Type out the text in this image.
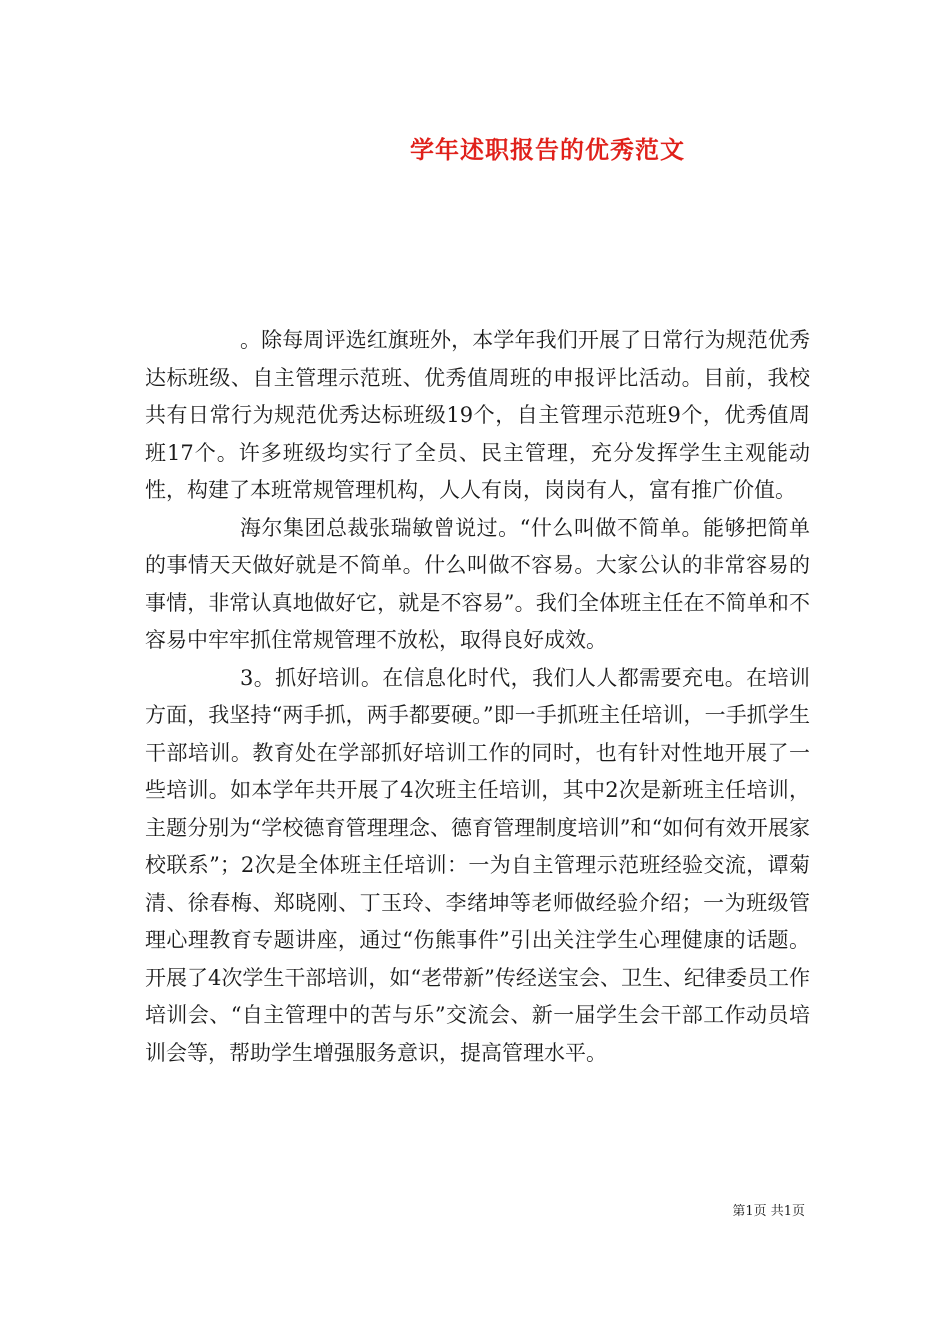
学年述职报告的优秀范文

。除每周评选红旗班外，本学年我们开展了日常行为规范优秀达标班级、自主管理示范班、优秀值周班的申报评比活动。目前，我校共有日常行为规范优秀达标班级19个，自主管理示范班9个，优秀值周班17个。许多班级均实行了全员、民主管理，充分发挥学生主观能动性，构建了本班常规管理机构，人人有岗，岗岗有人，富有推广价值。

海尔集团总裁张瑞敏曾说过。“什么叫做不简单。能够把简单的事情天天做好就是不简单。什么叫做不容易。大家公认的非常容易的事情，非常认真地做好它，就是不容易”。我们全体班主任在不简单和不容易中牢牢抓住常规管理不放松，取得良好成效。

3。抓好培训。在信息化时代，我们人人都需要充电。在培训方面，我坚持“两手抓，两手都要硬。”即一手抓班主任培训，一手抓学生干部培训。教育处在学部抓好培训工作的同时，也有针对性地开展了一些培训。如本学年共开展了4次班主任培训，其中2次是新班主任培训，主题分别为“学校德育管理理念、德育管理制度培训”和“如何有效开展家校联系”；2次是全体班主任培训：一为自主管理示范班经验交流，谭菊清、徐春梅、郑晓刚、丁玉玲、李绪坤等老师做经验介绍；一为班级管理心理教育专题讲座，通过“伤熊事件”引出关注学生心理健康的话题。开展了4次学生干部培训，如“老带新”传经送宝会、卫生、纪律委员工作培训会、“自主管理中的苦与乐”交流会、新一届学生会干部工作动员培训会等，帮助学生增强服务意识，提高管理水平。

第1页 共1页
